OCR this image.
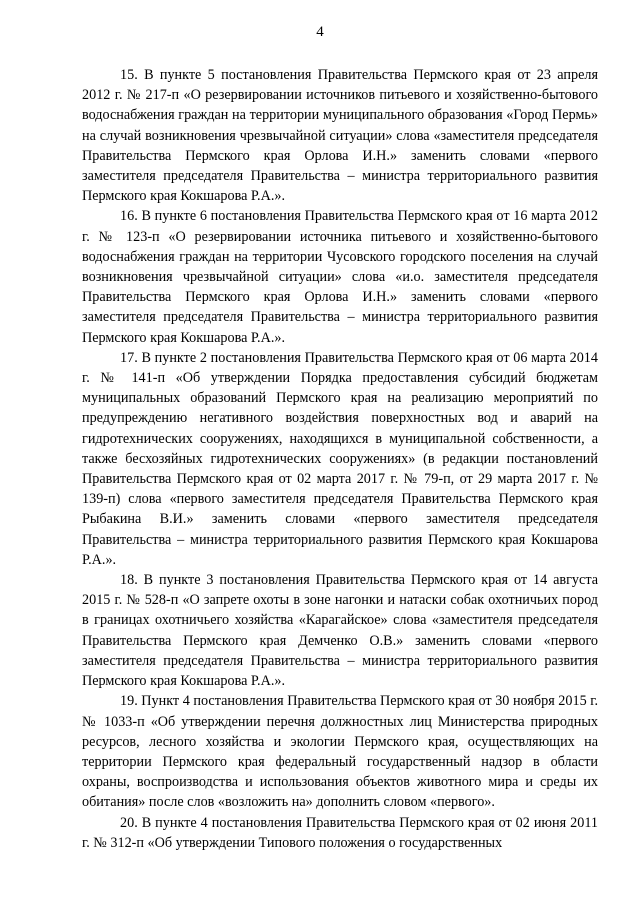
4

15. В пункте 5 постановления Правительства Пермского края от 23 апреля 2012 г. № 217-п «О резервировании источников питьевого и хозяйственно-бытового водоснабжения граждан на территории муниципального образования «Город Пермь» на случай возникновения чрезвычайной ситуации» слова «заместителя председателя Правительства Пермского края Орлова И.Н.» заменить словами «первого заместителя председателя Правительства – министра территориального развития Пермского края Кокшарова Р.А.».

16. В пункте 6 постановления Правительства Пермского края от 16 марта 2012 г. № 123-п «О резервировании источника питьевого и хозяйственно-бытового водоснабжения граждан на территории Чусовского городского поселения на случай возникновения чрезвычайной ситуации» слова «и.о. заместителя председателя Правительства Пермского края Орлова И.Н.» заменить словами «первого заместителя председателя Правительства – министра территориального развития Пермского края Кокшарова Р.А.».

17. В пункте 2 постановления Правительства Пермского края от 06 марта 2014 г. № 141-п «Об утверждении Порядка предоставления субсидий бюджетам муниципальных образований Пермского края на реализацию мероприятий по предупреждению негативного воздействия поверхностных вод и аварий на гидротехнических сооружениях, находящихся в муниципальной собственности, а также бесхозяйных гидротехнических сооружениях» (в редакции постановлений Правительства Пермского края от 02 марта 2017 г. № 79-п, от 29 марта 2017 г. № 139-п) слова «первого заместителя председателя Правительства Пермского края Рыбакина В.И.» заменить словами «первого заместителя председателя Правительства – министра территориального развития Пермского края Кокшарова Р.А.».

18. В пункте 3 постановления Правительства Пермского края от 14 августа 2015 г. № 528-п «О запрете охоты в зоне нагонки и натаски собак охотничьих пород в границах охотничьего хозяйства «Карагайское» слова «заместителя председателя Правительства Пермского края Демченко О.В.» заменить словами «первого заместителя председателя Правительства – министра территориального развития Пермского края Кокшарова Р.А.».

19. Пункт 4 постановления Правительства Пермского края от 30 ноября 2015 г. № 1033-п «Об утверждении перечня должностных лиц Министерства природных ресурсов, лесного хозяйства и экологии Пермского края, осуществляющих на территории Пермского края федеральный государственный надзор в области охраны, воспроизводства и использования объектов животного мира и среды их обитания» после слов «возложить на» дополнить словом «первого».

20. В пункте 4 постановления Правительства Пермского края от 02 июня 2011 г. № 312-п «Об утверждении Типового положения о государственных
